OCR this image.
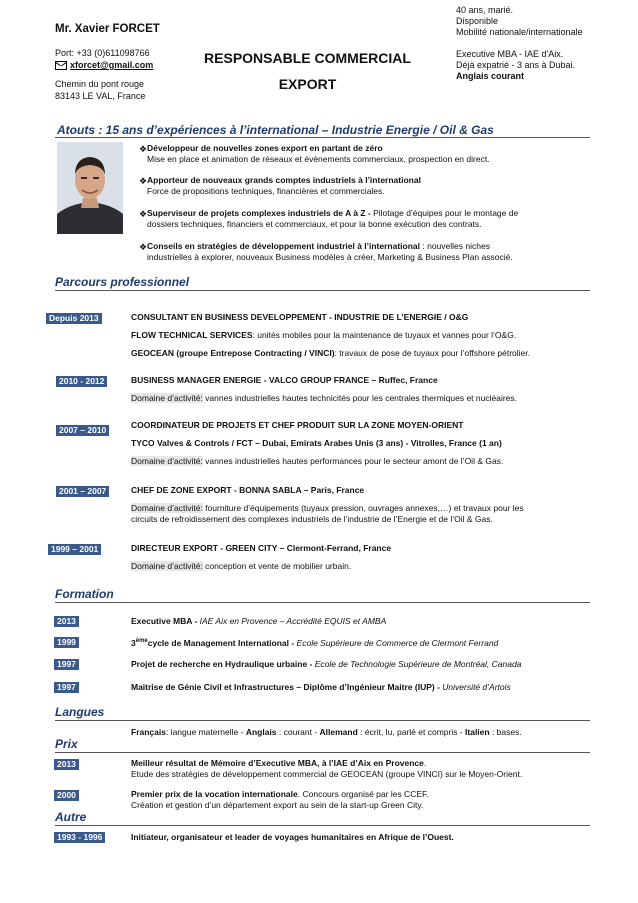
Mr. Xavier FORCET
Port: +33 (0)611098766
xforcet@gmail.com
Chemin du pont rouge
83143 LE VAL, France
RESPONSABLE COMMERCIAL
EXPORT
40 ans, marié.
Disponible
Mobilité nationale/internationale
Executive MBA - IAE d'Aix.
Déjà expatrié - 3 ans à Dubai.
Anglais courant
Atouts : 15 ans d’expériences à l’international – Industrie Energie / Oil & Gas
❖ Développeur de nouvelles zones export en partant de zéro
Mise en place et animation de réseaux et évènements commerciaux, prospection en direct.
❖ Apporteur de nouveaux grands comptes industriels à l’international
Force de propositions techniques, financières et commerciales.
❖ Superviseur de projets complexes industriels de A à Z - Pilotage d’équipes pour le montage de
dossiers techniques, financiers et commerciaux, et pour la bonne exécution des contrats.
❖ Conseils en stratégies de développement industriel à l’international : nouvelles niches
industrielles à explorer, nouveaux Business modèles à créer, Marketing & Business Plan associé.
Parcours professionnel
Depuis 2013	CONSULTANT EN BUSINESS DEVELOPPEMENT - INDUSTRIE DE L’ENERGIE / O&G
FLOW TECHNICAL SERVICES: unités mobiles pour la maintenance de tuyaux et vannes pour l’O&G.
GEOCEAN (groupe Entrepose Contracting / VINCI): travaux de pose de tuyaux pour l’offshore pétrolier.
2010 - 2012	BUSINESS MANAGER ENERGIE - VALCO GROUP FRANCE – Ruffec, France
Domaine d’activité: vannes industrielles hautes technicités pour les centrales thermiques et nucléaires.
2007 – 2010	COORDINATEUR DE PROJETS ET CHEF PRODUIT SUR LA ZONE MOYEN-ORIENT
TYCO Valves & Controls / FCT – Dubai, Emirats Arabes Unis (3 ans) - Vitrolles, France (1 an)
Domaine d’activité: vannes industrielles hautes performances pour le secteur amont de l’Oil & Gas.
2001 – 2007	CHEF DE ZONE EXPORT - BONNA SABLA – Paris, France
Domaine d’activité: fourniture d’équipements (tuyaux pression, ouvrages annexes,…) et travaux pour les
circuits de refroidissement des complexes industriels de l’industrie de l’Energie et de l’Oil & Gas.
1999 – 2001	DIRECTEUR EXPORT - GREEN CITY – Clermont-Ferrand, France
Domaine d’activité: conception et vente de mobilier urbain.
Formation
2013	Executive MBA - IAE Aix en Provence – Accrédité EQUIS et AMBA
1999	3èmecycle de Management International - Ecole Supérieure de Commerce de Clermont Ferrand
1997	Projet de recherche en Hydraulique urbaine - Ecole de Technologie Supérieure de Montréal, Canada
1997	Maitrise de Génie Civil et Infrastructures – Diplôme d’Ingénieur Maitre (IUP) - Université d’Artois
Langues
Français: langue maternelle - Anglais : courant - Allemand : écrit, lu, parlé et compris - Italien : bases.
Prix
2013	Meilleur résultat de Mémoire d’Executive MBA, à l’IAE d’Aix en Provence.
Etude des stratégies de développement commercial de GEOCEAN (groupe VINCI) sur le Moyen-Orient.
2000	Premier prix de la vocation internationale. Concours organisé par les CCEF.
Création et gestion d’un département export au sein de la start-up Green City.
Autre
1993 - 1996	Initiateur, organisateur et leader de voyages humanitaires en Afrique de l’Ouest.
